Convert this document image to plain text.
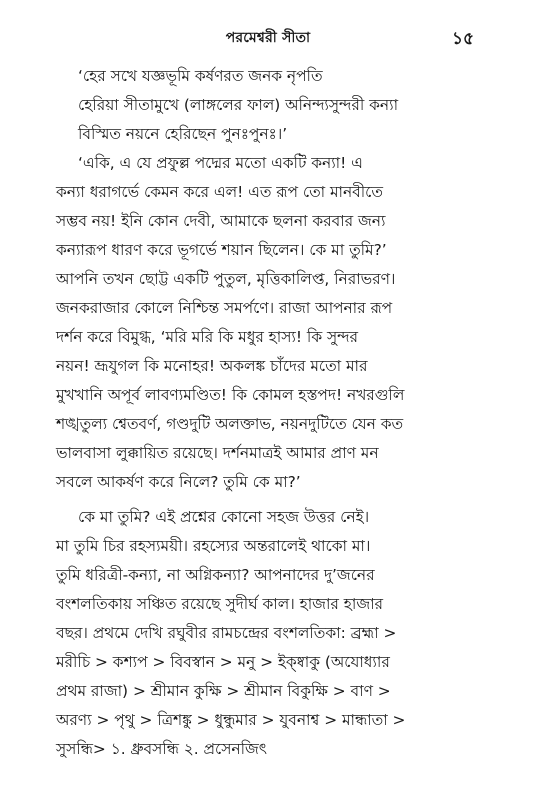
পরমেশ্বরী সীতা	১৫
‘হের সখে যজ্ঞভূমি কর্ষণরত জনক নৃপতি
হেরিয়া সীতামুখে (লাঙ্গলের ফাল) অনিন্দ্যসুন্দরী কন্যা
বিস্মিত নয়নে হেরিছেন পুনঃপুনঃ।’
‘একি, এ যে প্রফুল্ল পদ্মের মতো একটি কন্যা! এ
কন্যা ধরাগর্ভে কেমন করে এল! এত রূপ তো মানবীতে
সম্ভব নয়! ইনি কোন দেবী, আমাকে ছলনা করবার জন্য
কন্যারূপ ধারণ করে ভূগর্ভে শয়ান ছিলেন। কে মা তুমি?’
আপনি তখন ছোট্ট একটি পুতুল, মৃত্তিকালিপ্ত, নিরাভরণ।
জনকরাজার কোলে নিশ্চিন্ত সমর্পণে। রাজা আপনার রূপ
দর্শন করে বিমুগ্ধ, ‘মরি মরি কি মধুর হাস্য! কি সুন্দর
নয়ন! ভ্রূযুগল কি মনোহর! অকলঙ্ক চাঁদের মতো মার
মুখখানি অপূর্ব লাবণ্যমণ্ডিত! কি কোমল হস্তপদ! নখরগুলি
শঙ্খতুল্য শ্বেতবর্ণ, গণ্ডদুটি অলক্তাভ, নয়নদুটিতে যেন কত
ভালবাসা লুক্কায়িত রয়েছে। দর্শনমাত্রই আমার প্রাণ মন
সবলে আকর্ষণ করে নিলে? তুমি কে মা?’
কে মা তুমি? এই প্রশ্নের কোনো সহজ উত্তর নেই।
মা তুমি চির রহস্যময়ী। রহস্যের অন্তরালেই থাকো মা।
তুমি ধরিত্রী-কন্যা, না অগ্নিকন্যা? আপনাদের দু’জনের
বংশলতিকায় সঞ্চিত রয়েছে সুদীর্ঘ কাল। হাজার হাজার
বছর। প্রথমে দেখি রঘুবীর রামচন্দ্রের বংশলতিকা: ব্রহ্মা >
মরীচি > কশ্যপ > বিবস্বান > মনু > ইক্ষ্বাকু (অযোধ্যার
প্রথম রাজা) > শ্রীমান কুক্ষি > শ্রীমান বিকুক্ষি > বাণ >
অরণ্য > পৃথু > ত্রিশঙ্কু > ধুন্ধুমার > যুবনাশ্ব > মান্ধাতা >
সুসন্ধি> ১. ধ্রুবসন্ধি ২. প্রসেনজিৎ
